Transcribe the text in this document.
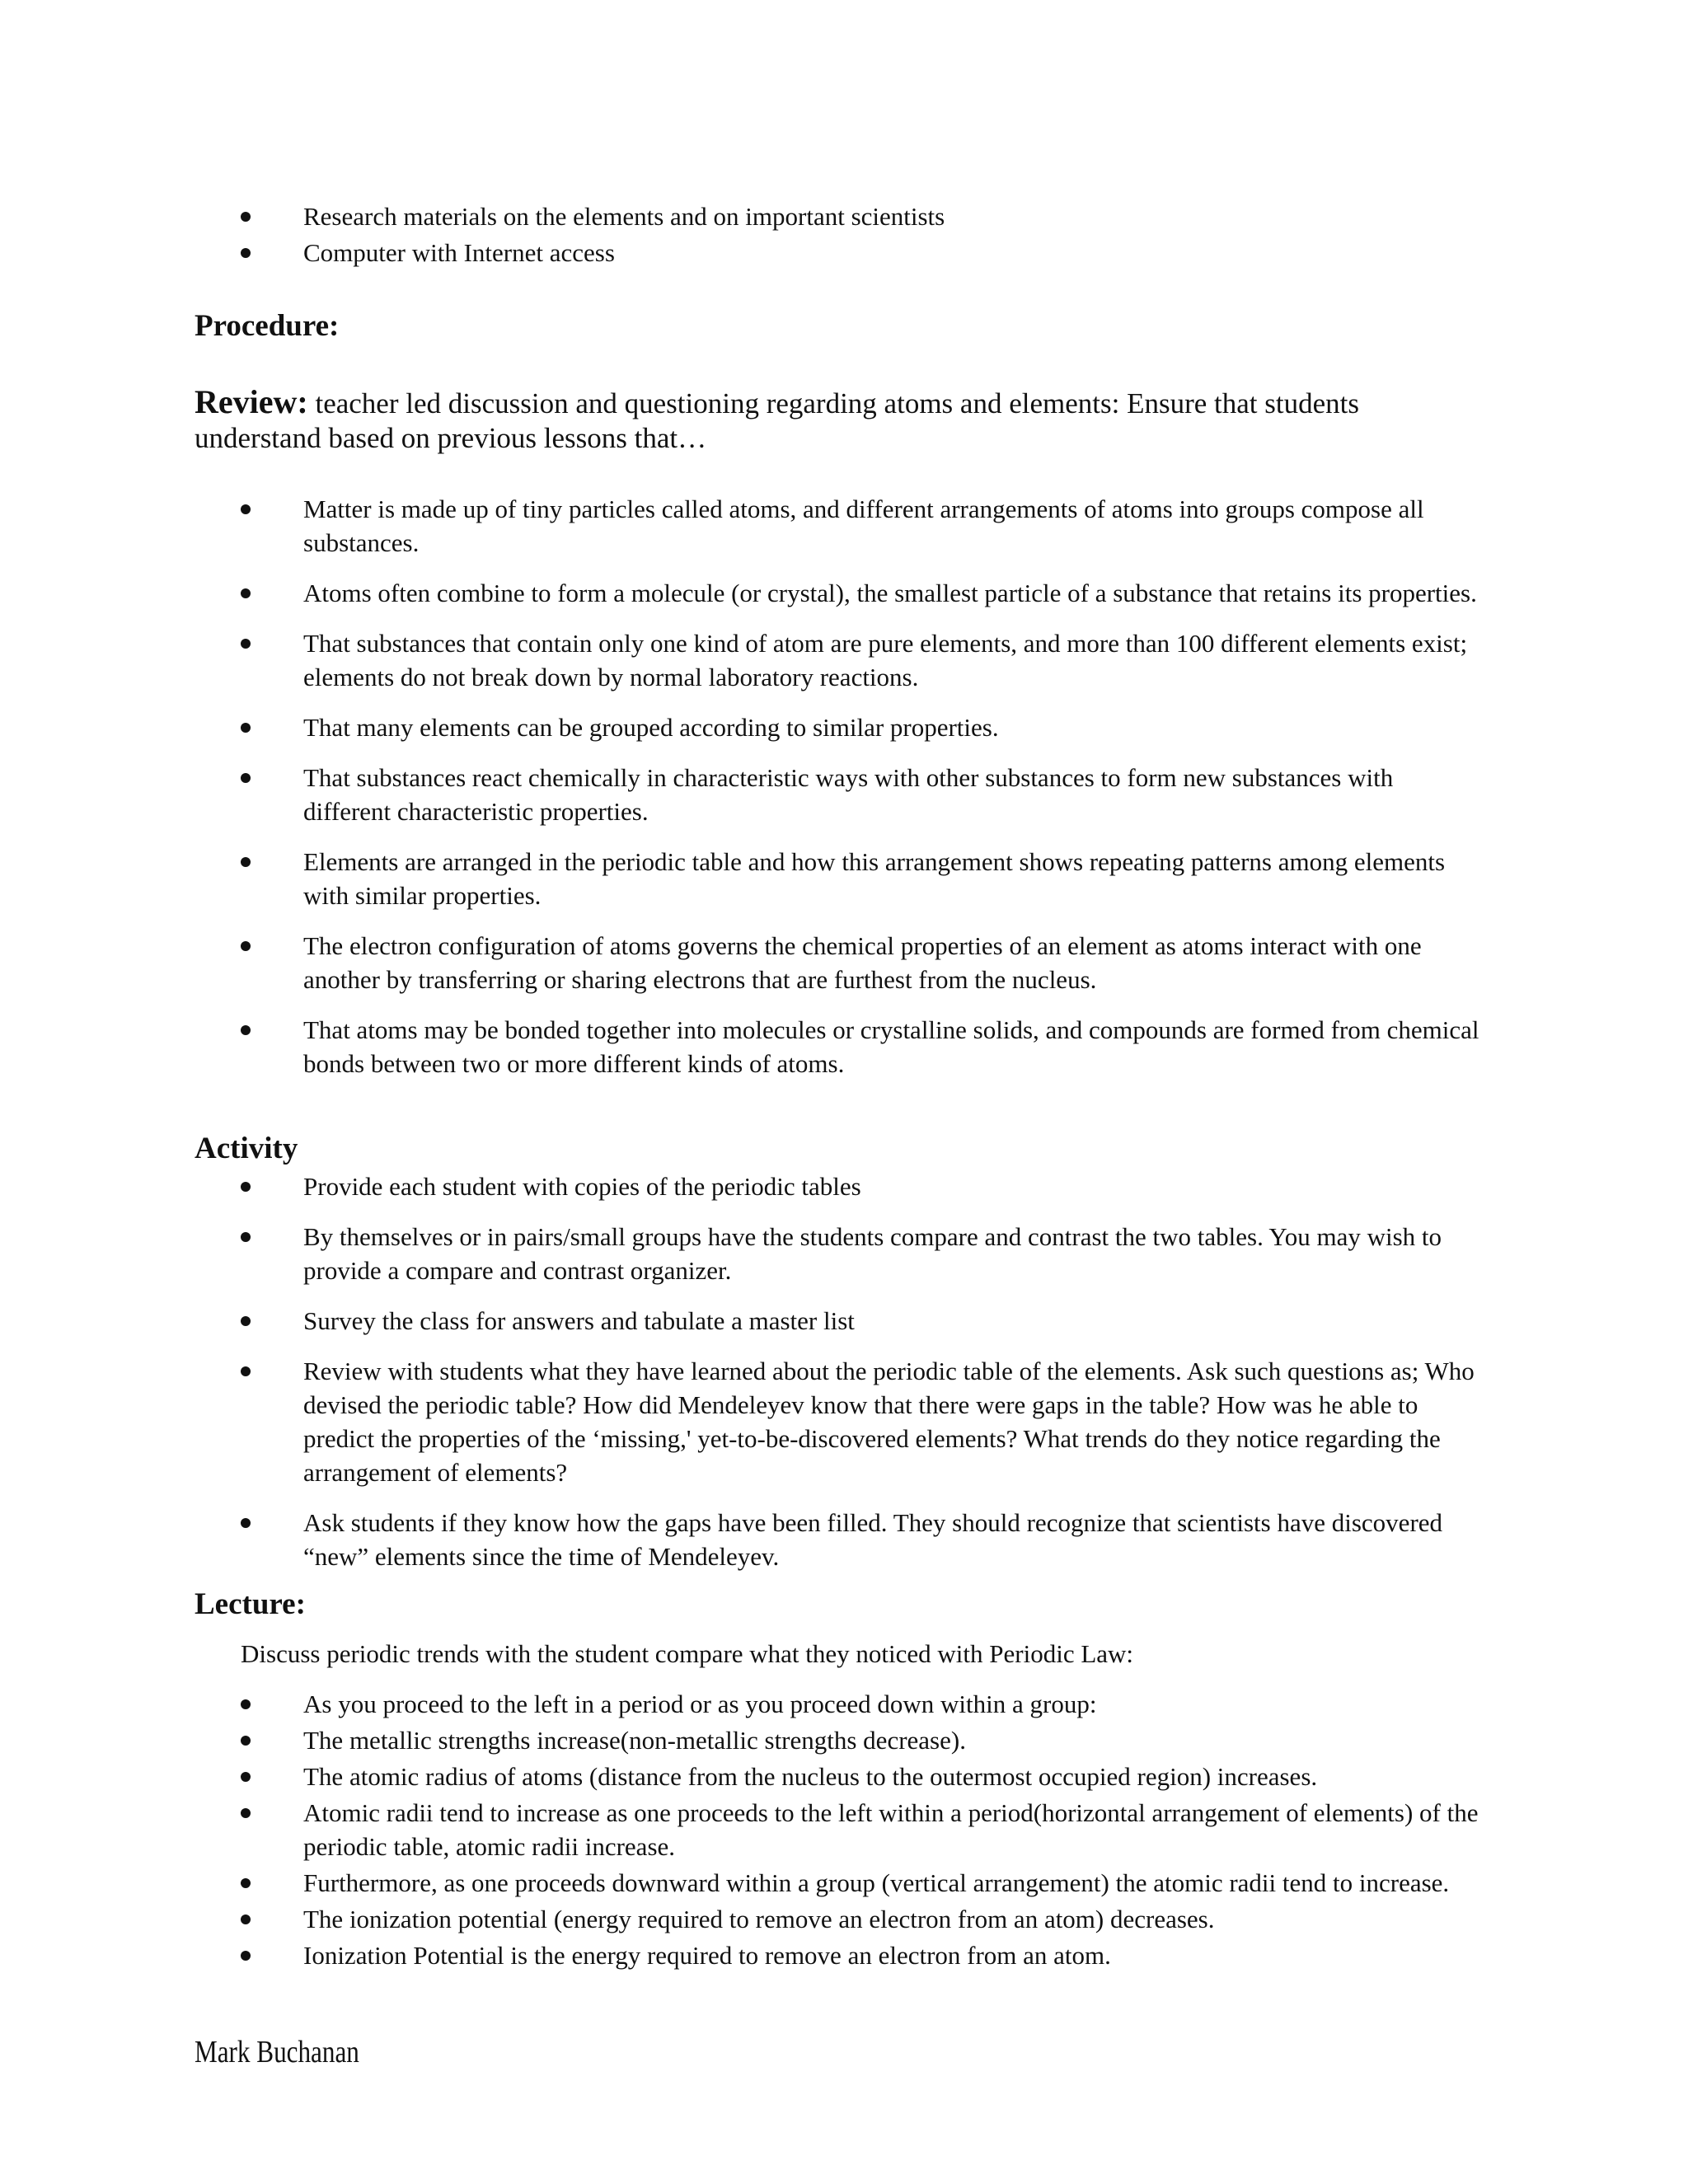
Research materials on the elements and on important scientists
Computer with Internet access
Procedure:
Review: teacher led discussion and questioning regarding atoms and elements: Ensure that students understand based on previous lessons that…
Matter is made up of tiny particles called atoms, and different arrangements of atoms into groups compose all substances.
Atoms often combine to form a molecule (or crystal), the smallest particle of a substance that retains its properties.
That substances that contain only one kind of atom are pure elements, and more than 100 different elements exist; elements do not break down by normal laboratory reactions.
That many elements can be grouped according to similar properties.
That substances react chemically in characteristic ways with other substances to form new substances with different characteristic properties.
Elements are arranged in the periodic table and how this arrangement shows repeating patterns among elements with similar properties.
The electron configuration of atoms governs the chemical properties of an element as atoms interact with one another by transferring or sharing electrons that are furthest from the nucleus.
That atoms may be bonded together into molecules or crystalline solids, and compounds are formed from chemical bonds between two or more different kinds of atoms.
Activity
Provide each student with copies of the periodic tables
By themselves or in pairs/small groups have the students compare and contrast the two tables. You may wish to provide a compare and contrast organizer.
Survey the class for answers and tabulate a master list
Review with students what they have learned about the periodic table of the elements. Ask such questions as; Who devised the periodic table? How did Mendeleyev know that there were gaps in the table? How was he able to predict the properties of the ‘missing,' yet-to-be-discovered elements? What trends do they notice regarding the arrangement of elements?
Ask students if they know how the gaps have been filled. They should recognize that scientists have discovered “new” elements since the time of Mendeleyev.
Lecture:
Discuss periodic trends with the student compare what they noticed with Periodic Law:
As you proceed to the left in a period or as you proceed down within a group:
The metallic strengths increase(non-metallic strengths decrease).
The atomic radius of atoms (distance from the nucleus to the outermost occupied region) increases.
Atomic radii tend to increase as one proceeds to the left within a period(horizontal arrangement of elements) of the periodic table, atomic radii increase.
Furthermore, as one proceeds downward within a group (vertical arrangement) the atomic radii tend to increase.
The ionization potential (energy required to remove an electron from an atom) decreases.
Ionization Potential is the energy required to remove an electron from an atom.
Mark Buchanan
